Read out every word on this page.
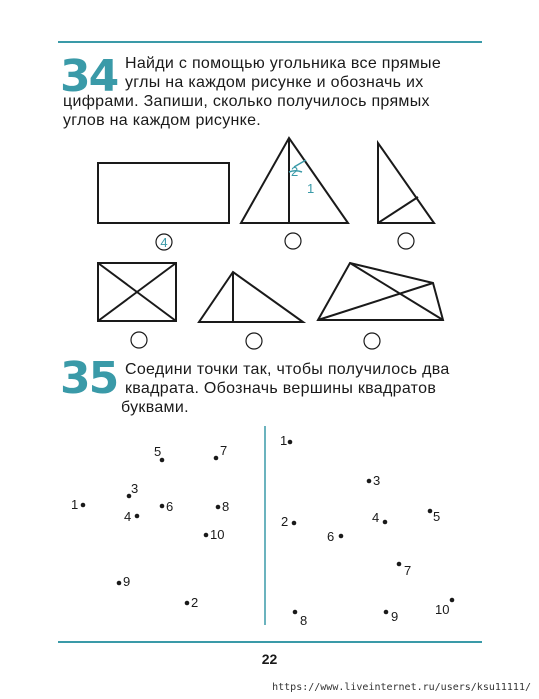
34 Найди с помощью угольника все прямые
углы на каждом рисунке и обозначь их
цифрами. Запиши, сколько получилось прямых
углов на каждом рисунке.
2
1
4
1
2
3
4
5
6
7
8
9
10
1
2
3
4	5
6
7
8	9	10
35 Соедини точки так, чтобы получилось два
квадрата. Обозначь вершины квадратов
буквами.
22
https://www.liveinternet.ru/users/ksu11111/
